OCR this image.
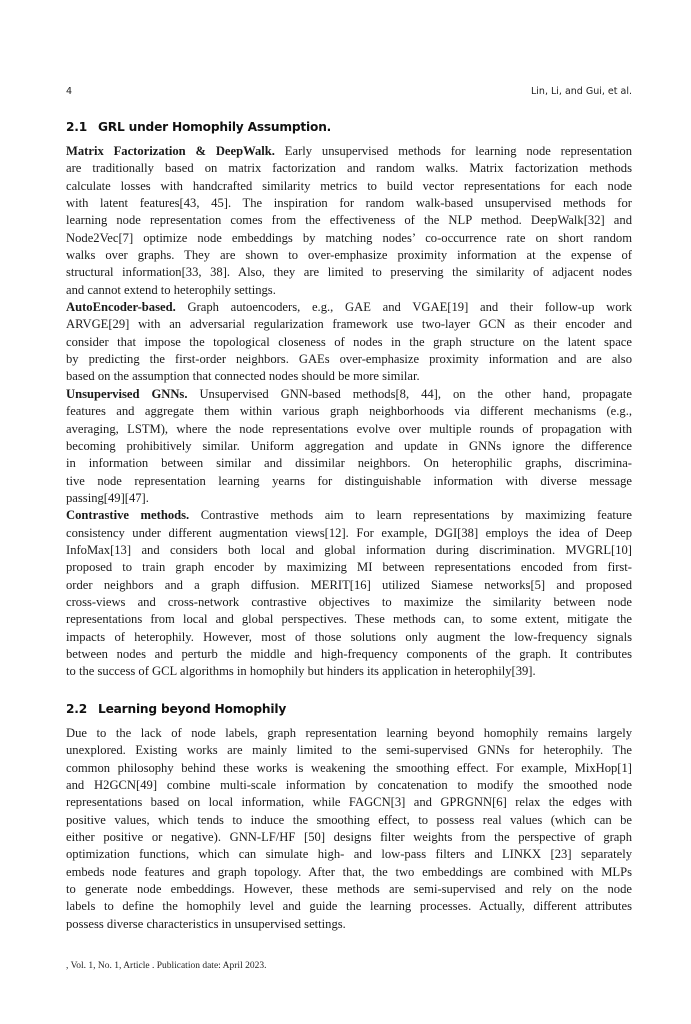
4	Lin, Li, and Gui, et al.
2.1 GRL under Homophily Assumption.
Matrix Factorization & DeepWalk. Early unsupervised methods for learning node representation
are traditionally based on matrix factorization and random walks. Matrix factorization methods
calculate losses with handcrafted similarity metrics to build vector representations for each node
with latent features[43, 45]. The inspiration for random walk-based unsupervised methods for
learning node representation comes from the effectiveness of the NLP method. DeepWalk[32] and
Node2Vec[7] optimize node embeddings by matching nodes’ co-occurrence rate on short random
walks over graphs. They are shown to over-emphasize proximity information at the expense of
structural information[33, 38]. Also, they are limited to preserving the similarity of adjacent nodes
and cannot extend to heterophily settings.
AutoEncoder-based. Graph autoencoders, e.g., GAE and VGAE[19] and their follow-up work
ARVGE[29] with an adversarial regularization framework use two-layer GCN as their encoder and
consider that impose the topological closeness of nodes in the graph structure on the latent space
by predicting the first-order neighbors. GAEs over-emphasize proximity information and are also
based on the assumption that connected nodes should be more similar.
Unsupervised GNNs. Unsupervised GNN-based methods[8, 44], on the other hand, propagate
features and aggregate them within various graph neighborhoods via different mechanisms (e.g.,
averaging, LSTM), where the node representations evolve over multiple rounds of propagation with
becoming prohibitively similar. Uniform aggregation and update in GNNs ignore the difference
in information between similar and dissimilar neighbors. On heterophilic graphs, discrimina-
tive node representation learning yearns for distinguishable information with diverse message
passing[49][47].
Contrastive methods. Contrastive methods aim to learn representations by maximizing feature
consistency under different augmentation views[12]. For example, DGI[38] employs the idea of Deep
InfoMax[13] and considers both local and global information during discrimination. MVGRL[10]
proposed to train graph encoder by maximizing MI between representations encoded from first-
order neighbors and a graph diffusion. MERIT[16] utilized Siamese networks[5] and proposed
cross-views and cross-network contrastive objectives to maximize the similarity between node
representations from local and global perspectives. These methods can, to some extent, mitigate the
impacts of heterophily. However, most of those solutions only augment the low-frequency signals
between nodes and perturb the middle and high-frequency components of the graph. It contributes
to the success of GCL algorithms in homophily but hinders its application in heterophily[39].
2.2 Learning beyond Homophily
Due to the lack of node labels, graph representation learning beyond homophily remains largely
unexplored. Existing works are mainly limited to the semi-supervised GNNs for heterophily. The
common philosophy behind these works is weakening the smoothing effect. For example, MixHop[1]
and H2GCN[49] combine multi-scale information by concatenation to modify the smoothed node
representations based on local information, while FAGCN[3] and GPRGNN[6] relax the edges with
positive values, which tends to induce the smoothing effect, to possess real values (which can be
either positive or negative). GNN-LF/HF [50] designs filter weights from the perspective of graph
optimization functions, which can simulate high- and low-pass filters and LINKX [23] separately
embeds node features and graph topology. After that, the two embeddings are combined with MLPs
to generate node embeddings. However, these methods are semi-supervised and rely on the node
labels to define the homophily level and guide the learning processes. Actually, different attributes
possess diverse characteristics in unsupervised settings.
, Vol. 1, No. 1, Article . Publication date: April 2023.
